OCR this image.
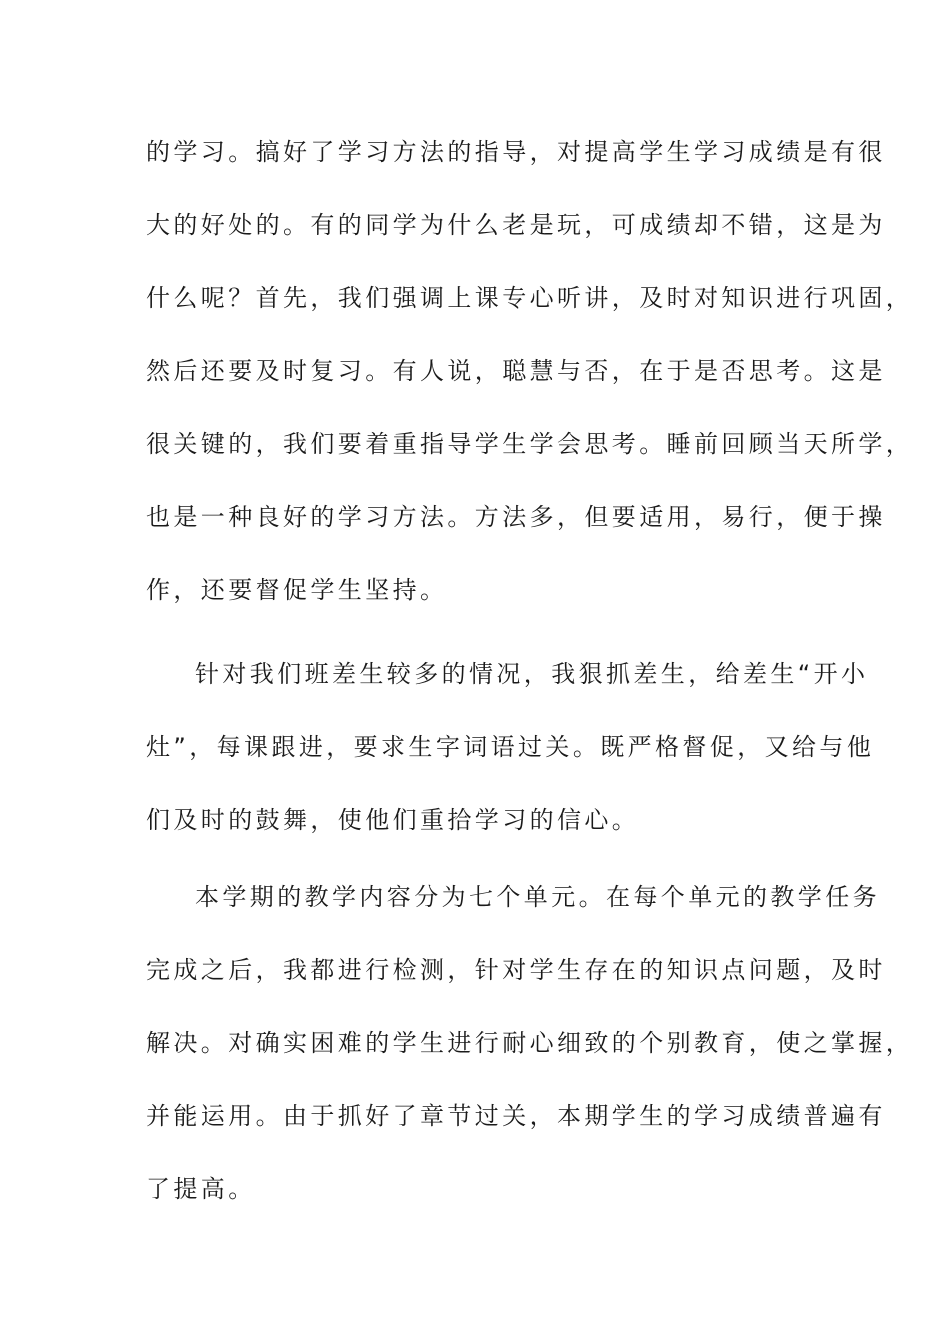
的学习。搞好了学习方法的指导，对提高学生学习成绩是有很
大的好处的。有的同学为什么老是玩，可成绩却不错，这是为
什么呢？首先，我们强调上课专心听讲，及时对知识进行巩固，
然后还要及时复习。有人说，聪慧与否，在于是否思考。这是
很关键的，我们要着重指导学生学会思考。睡前回顾当天所学，
也是一种良好的学习方法。方法多，但要适用，易行，便于操
作，还要督促学生坚持。
针对我们班差生较多的情况，我狠抓差生，给差生“开小
灶”，每课跟进，要求生字词语过关。既严格督促，又给与他
们及时的鼓舞，使他们重拾学习的信心。
本学期的教学内容分为七个单元。在每个单元的教学任务
完成之后，我都进行检测，针对学生存在的知识点问题，及时
解决。对确实困难的学生进行耐心细致的个别教育，使之掌握，
并能运用。由于抓好了章节过关，本期学生的学习成绩普遍有
了提高。
